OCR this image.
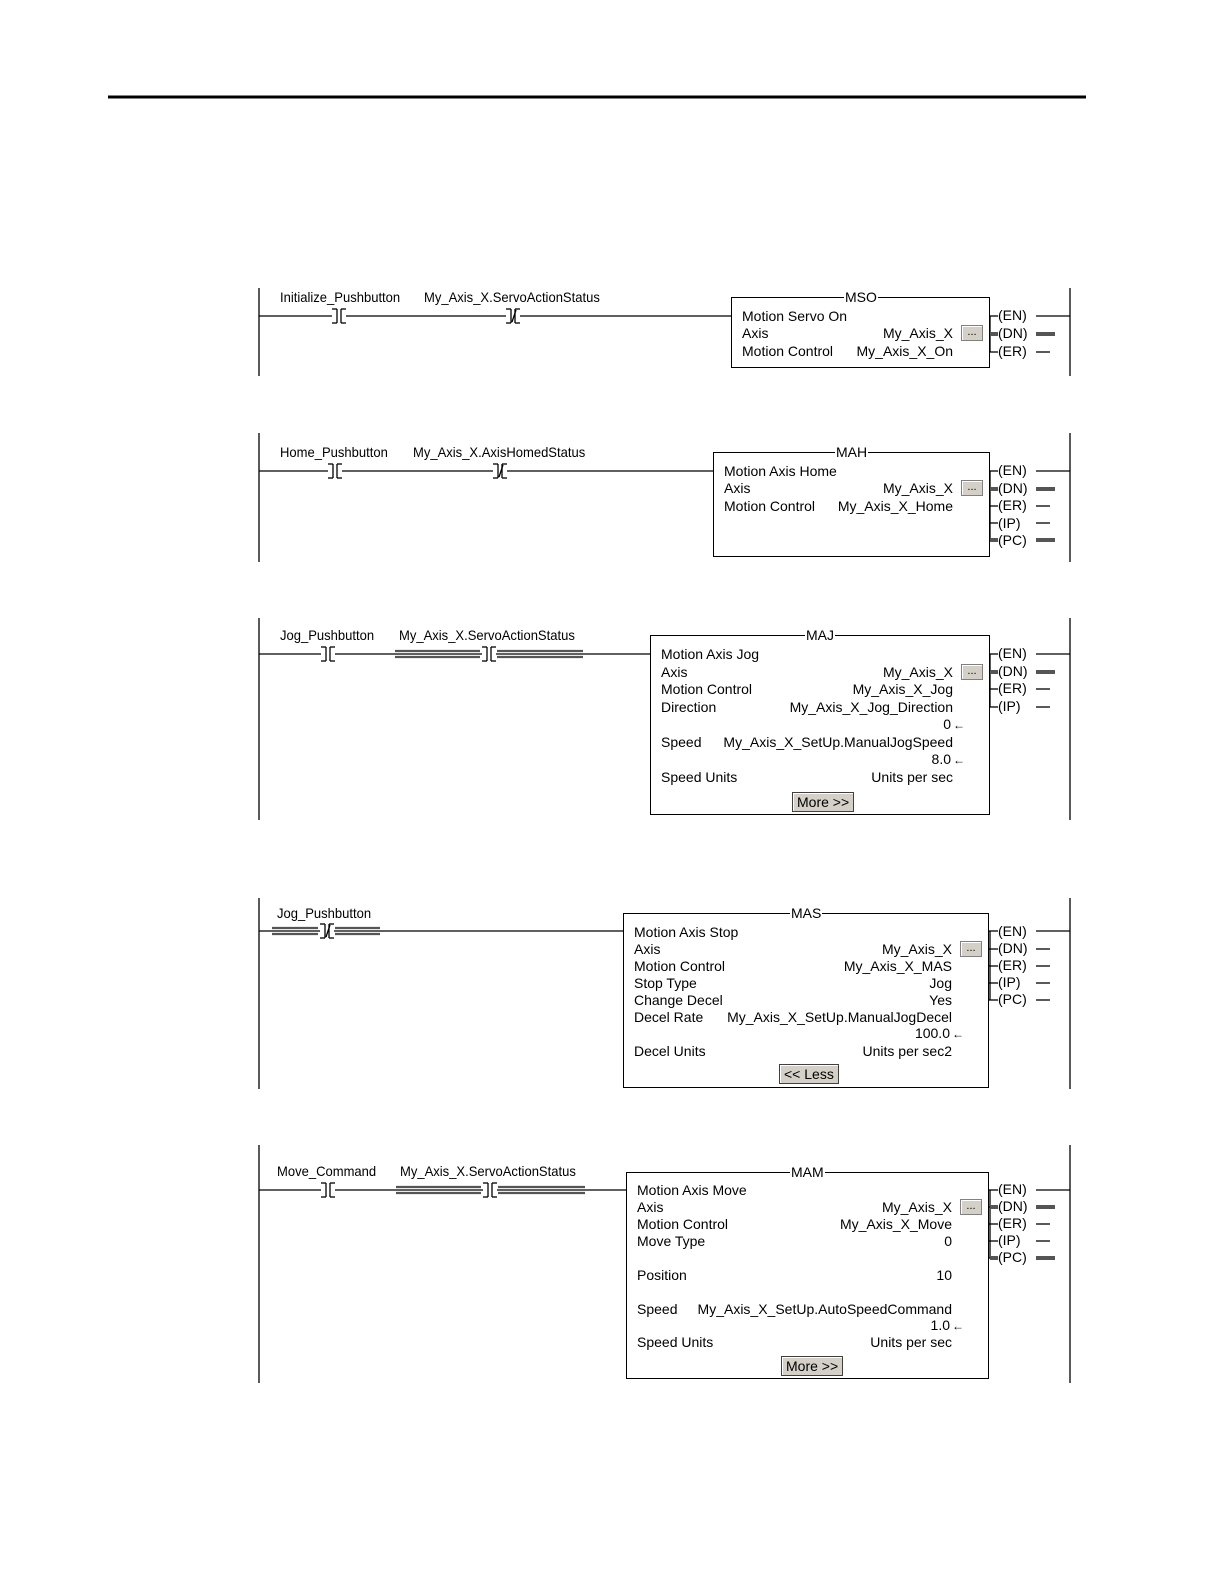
Initialize_Pushbutton My_Axis_X.ServoActionStatus	MSO
Motion Servo On
Axis	My_Axis_X	...
Motion Control My_Axis_X_On
(EN)
(DN)
(ER)
Home_Pushbutton My_Axis_X.AxisHomedStatus	MAH
Motion Axis Home
Axis	My_Axis_X	...
Motion Control My_Axis_X_Home
(EN)
(DN)
(ER)
(IP)
(PC)
Jog_Pushbutton My_Axis_X.ServoActionStatus	MAJ
Motion Axis Jog
Axis	My_Axis_X	...
Motion Control	My_Axis_X_Jog
Direction	My_Axis_X_Jog_Direction
0 ←
Speed My_Axis_X_SetUp.ManualJogSpeed
8.0 ←
Speed Units	Units per sec
More >>
(EN)
(DN)
(ER)
(IP)
Jog_Pushbutton	MAS
Motion Axis Stop
Axis	My_Axis_X	...
Motion Control	My_Axis_X_MAS
Stop Type	Jog
Change Decel	Yes
Decel Rate My_Axis_X_SetUp.ManualJogDecel
100.0 ←
Decel Units	Units per sec2
<< Less
(EN)
(DN)
(ER)
(IP)
(PC)
Move_Command My_Axis_X.ServoActionStatus	MAM
Motion Axis Move
Axis	My_Axis_X	...
Motion Control	My_Axis_X_Move
Move Type	0
Position	10
Speed My_Axis_X_SetUp.AutoSpeedCommand
1.0 ←
Speed Units	Units per sec
More >>
(EN)
(DN)
(ER)
(IP)
(PC)
